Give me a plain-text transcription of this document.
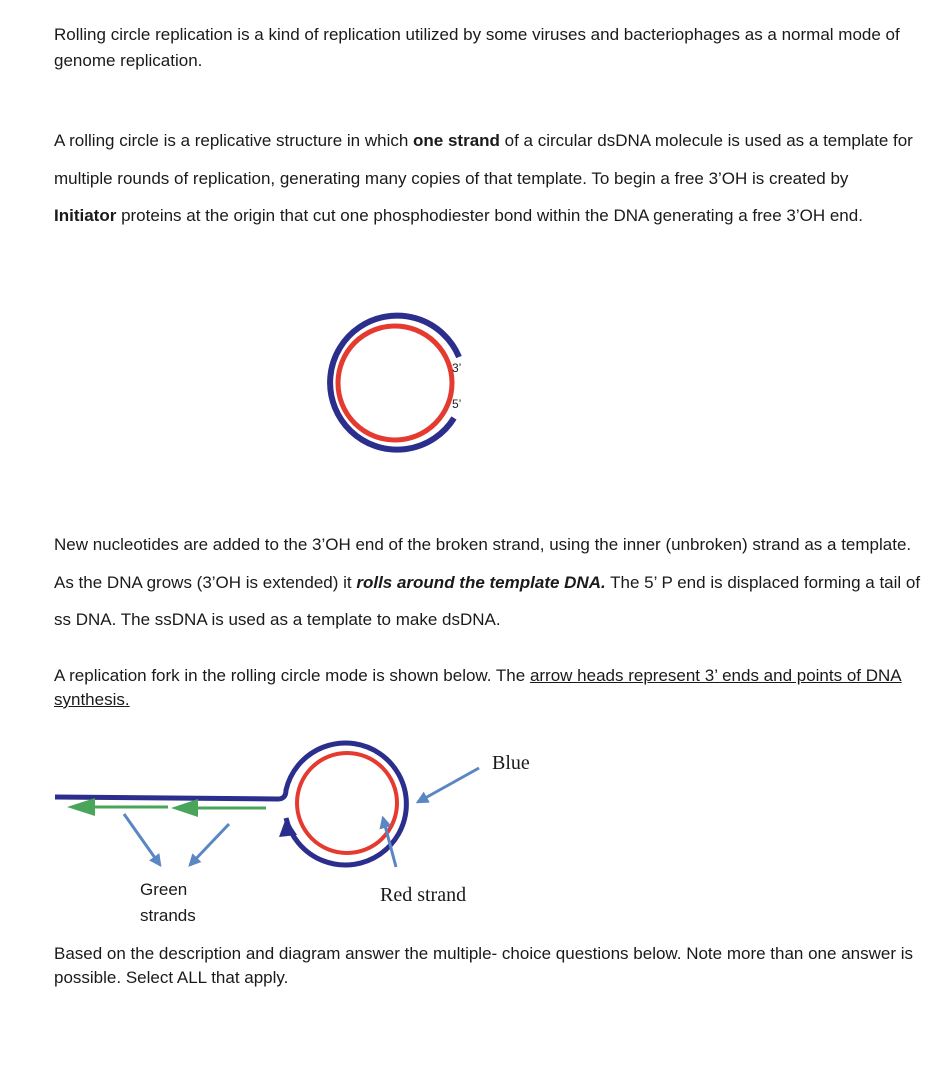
Rolling circle replication is a kind of replication utilized by some viruses and bacteriophages as a normal mode of genome replication.

A rolling circle is a replicative structure in which one strand of a circular dsDNA molecule is used as a template for multiple rounds of replication, generating many copies of that template. To begin a free 3’OH is created by Initiator proteins at the origin that cut one phosphodiester bond within the DNA generating a free 3’OH end.

3’
5’
Blue
Red strand
Green
strands

New nucleotides are added to the 3’OH end of the broken strand, using the inner (unbroken) strand as a template. As the DNA grows (3’OH is extended) it rolls around the template DNA. The 5’ P end is displaced forming a tail of ss DNA. The ssDNA is used as a template to make dsDNA.

A replication fork in the rolling circle mode is shown below. The arrow heads represent 3’ ends and points of DNA synthesis.

Based on the description and diagram answer the multiple- choice questions below. Note more than one answer is possible. Select ALL that apply.
